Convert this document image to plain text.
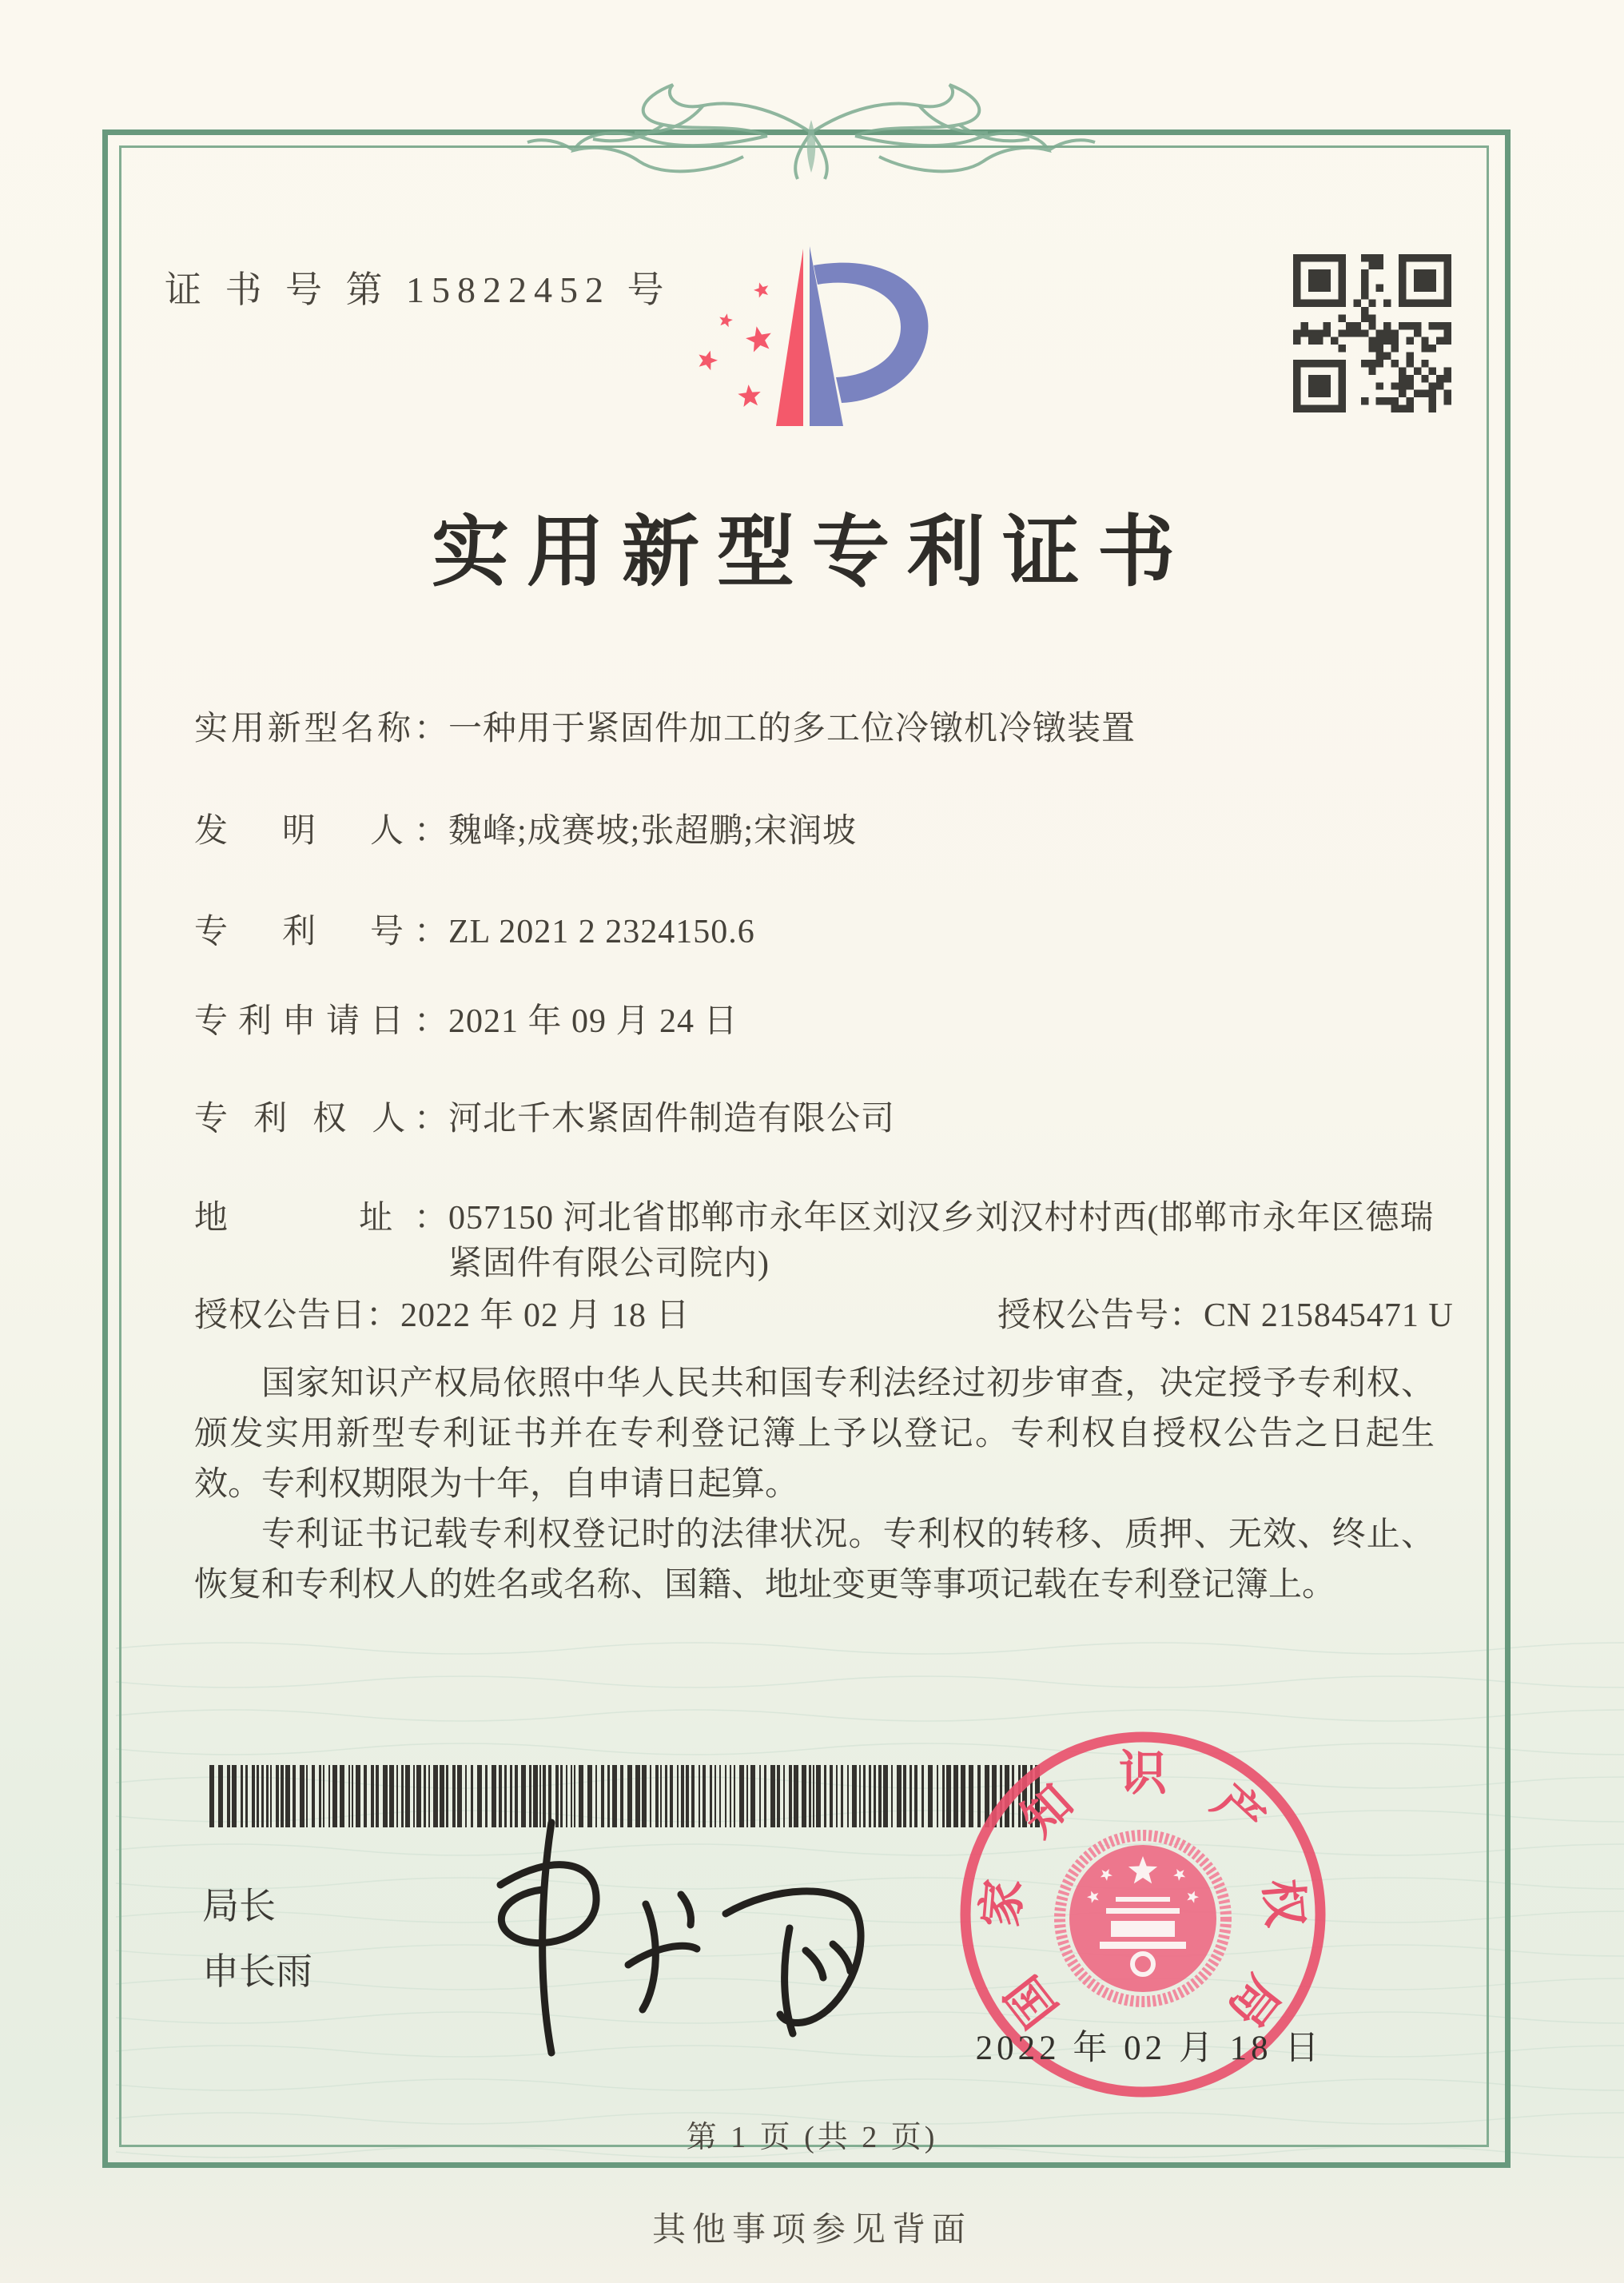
证 书 号 第 15822452 号
实用新型专利证书
实用新型名称： 一种用于紧固件加工的多工位冷镦机冷镦装置
发　明　人： 魏峰;成赛坡;张超鹏;宋润坡
专　利　号： ZL 2021 2 2324150.6
专利申请日： 2021 年 09 月 24 日
专 利 权 人： 河北千木紧固件制造有限公司
地　　址： 057150 河北省邯郸市永年区刘汉乡刘汉村村西(邯郸市永年区德瑞紧固件有限公司院内)
授权公告日： 2022 年 02 月 18 日	授权公告号： CN 215845471 U

国家知识产权局依照中华人民共和国专利法经过初步审查，决定授予专利权、颁发实用新型专利证书并在专利登记簿上予以登记。专利权自授权公告之日起生效。专利权期限为十年，自申请日起算。

专利证书记载专利权登记时的法律状况。专利权的转移、质押、无效、终止、恢复和专利权人的姓名或名称、国籍、地址变更等事项记载在专利登记簿上。

局长
申长雨	国
家
知
识
产
权
局
2022 年 02 月 18 日
第 1 页 (共 2 页)
其他事项参见背面
